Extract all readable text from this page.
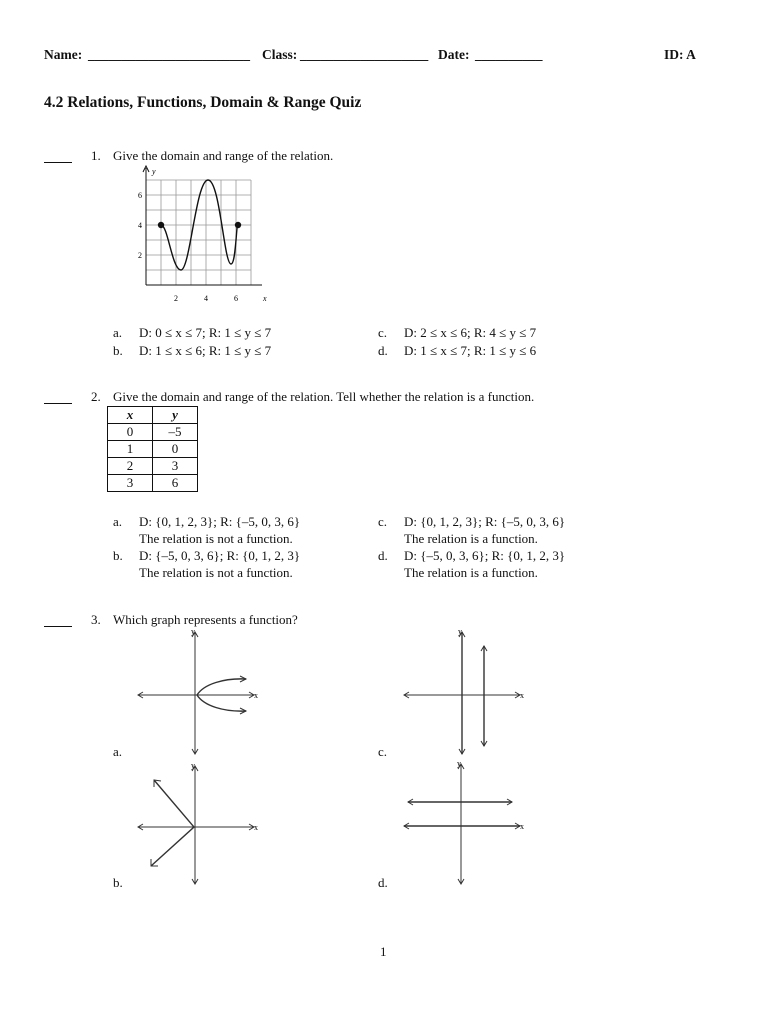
Name: ________________________ Class: ___________________ Date: __________	ID: A
4.2 Relations, Functions, Domain & Range Quiz
1. Give the domain and range of the relation.
y
x
2	4	6
2
4
6
a. D: 0 ≤ x ≤ 7; R: 1 ≤ y ≤ 7
b. D: 1 ≤ x ≤ 6; R: 1 ≤ y ≤ 7
c. D: 2 ≤ x ≤ 6; R: 4 ≤ y ≤ 7
d. D: 1 ≤ x ≤ 7; R: 1 ≤ y ≤ 6
2. Give the domain and range of the relation. Tell whether the relation is a function.
x	y
0	–5
1	0
2	3
3	6
a. D: {0, 1, 2, 3}; R: {–5, 0, 3, 6}
The relation is not a function.
b. D: {–5, 0, 3, 6}; R: {0, 1, 2, 3}
The relation is not a function.
c. D: {0, 1, 2, 3}; R: {–5, 0, 3, 6}
The relation is a function.
d. D: {–5, 0, 3, 6}; R: {0, 1, 2, 3}
The relation is a function.
3. Which graph represents a function?
y
x
a.
y
x
b.
y
x
c.
y
x
d.
1
